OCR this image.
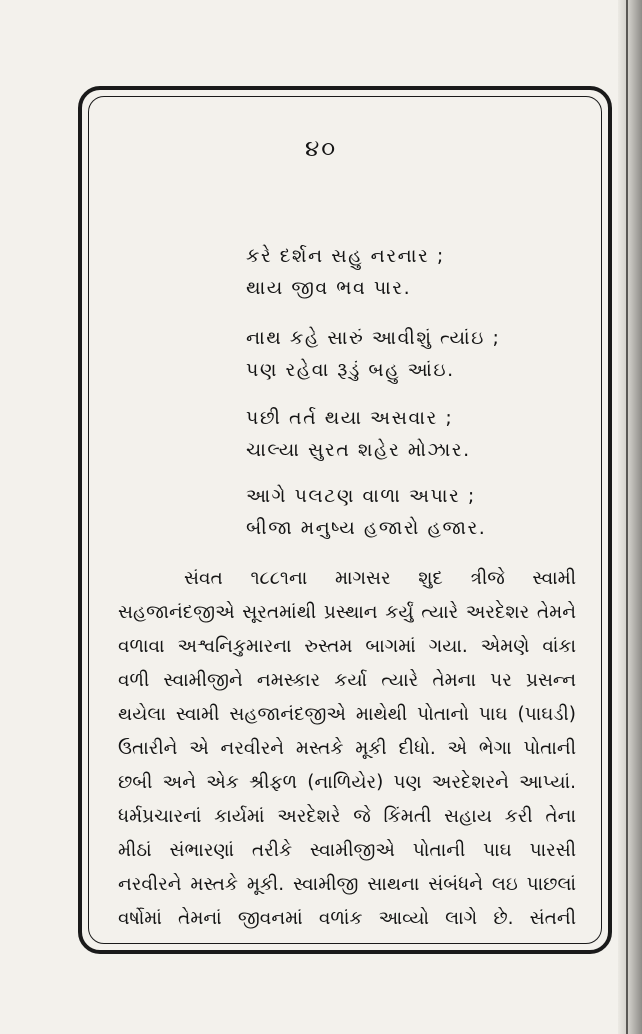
૪૦
કરે દર્શન સહુ નરનાર ;
થાય જીવ ભવ પાર.
નાથ કહે સારું આવીશું ત્યાંઇ ;
પણ રહેવા રૂડું બહુ આંઇ.
પછી તર્ત થયા અસવાર ;
ચાલ્યા સુરત શહેર મોઝાર.
આગે પલટણ વાળા અપાર ;
બીજા મનુષ્ય હજારો હજાર.
સંવત ૧૮૮૧ના માગસર શુદ ત્રીજે સ્વામી
સહજાનંદજીએ સૂરતમાંથી પ્રસ્થાન કર્યું ત્યારે અરદેશર તેમને
વળાવા અશ્વનિકુમારના રુસ્તમ બાગમાં ગયા. એમણે વાંકા
વળી સ્વામીજીને નમસ્કાર કર્યા ત્યારે તેમના પર પ્રસન્ન
થયેલા સ્વામી સહજાનંદજીએ માથેથી પોતાનો પાઘ (પાઘડી)
ઉતારીને એ નરવીરને મસ્તકે મૂકી દીધો. એ ભેગા પોતાની
છબી અને એક શ્રીફળ (નાળિયેર) પણ અરદેશરને આપ્યાં.
ધર્મપ્રચારનાં કાર્યમાં અરદેશરે જે કિંમતી સહાય કરી તેના
મીઠાં સંભારણાં તરીકે સ્વામીજીએ પોતાની પાઘ પારસી
નરવીરને મસ્તકે મૂકી. સ્વામીજી સાથના સંબંધને લઇ પાછલાં
વર્ષોમાં તેમનાં જીવનમાં વળાંક આવ્યો લાગે છે. સંતની
